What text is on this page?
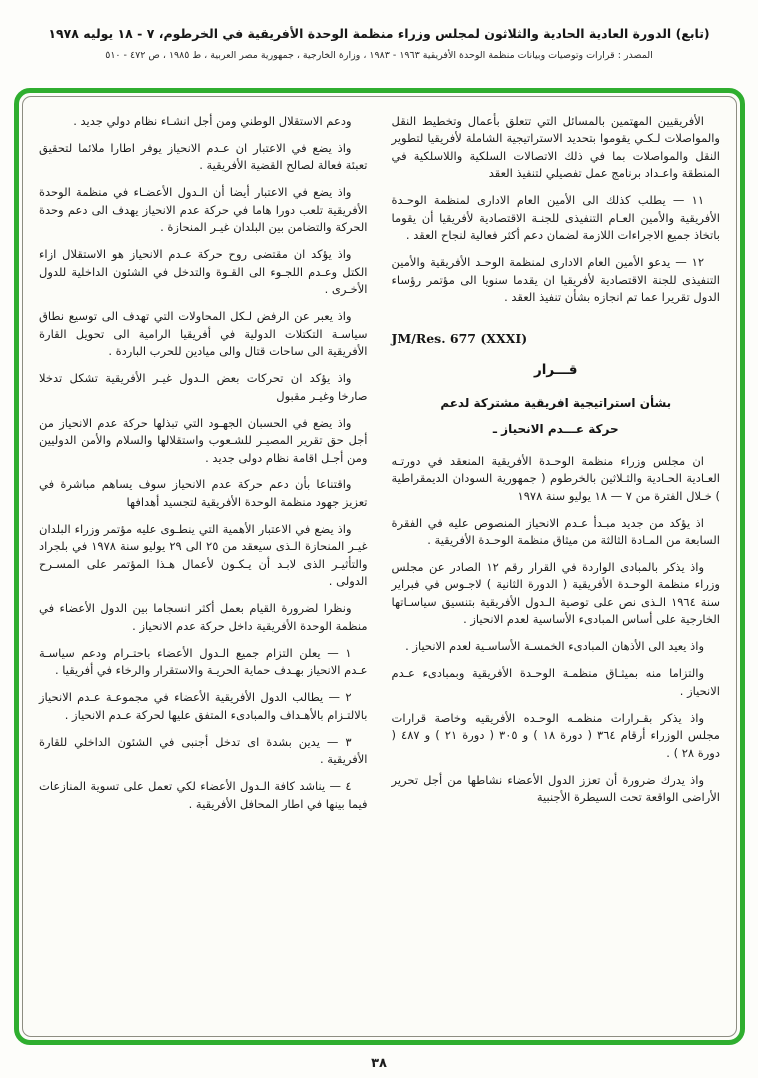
(تابع) الدورة العادية الحادية والثلاثون لمجلس وزراء منظمة الوحدة الأفريقية في الخرطوم، ٧ - ١٨ يوليه ١٩٧٨
المصدر : قرارات وتوصيات وبيانات منظمة الوحدة الأفريقية ١٩٦٣ - ١٩٨٣ ، وزارة الخارجية ، جمهورية مصر العربية ، ط ١٩٨٥ ، ص ٤٧٢ - ٥١٠

الأفريقيين المهتمين بالمسائل التي تتعلق بأعمال وتخطيط النقل والمواصلات لـكـي يقوموا بتحديد الاستراتيجية الشاملة لأفريقيا لتطوير النقل والمواصلات بما في ذلك الاتصالات السلكية واللاسلكية في المنطقة واعـداد برنامج عمل تفصيلي لتنفيذ العقد

١١ — يطلب كذلك الى الأمين العام الادارى لمنظمة الوحـدة الأفريقية والأمين العـام التنفيذى للجنـة الاقتصادية لأفريقيا أن يقوما باتخاذ جميع الاجراءات اللازمة لضمان دعم أكثر فعالية لنجاح العقد .

١٢ — يدعو الأمين العام الادارى لمنظمة الوحـد الأفريقية والأمين التنفيذى للجنة الاقتصادية لأفريقيا ان يقدما سنويا الى مؤتمر رؤساء الدول تقريرا عما تم انجازه بشأن تنفيذ العقد .

JM/Res. 677 (XXXI)
قـــرار
بشأن استراتيجية افريقية مشتركة لدعم
حركة عـــدم الانحياز ـ

ان مجلس وزراء منظمة الوحـدة الأفريقية المنعقد في دورتـه العـادية الحـادية والثـلاثين بالخرطوم ( جمهورية السودان الديمقراطية ) خـلال الفترة من ٧ — ١٨ يوليو سنة ١٩٧٨

اذ يؤكد من جديد مبـدأ عـدم الانحياز المنصوص عليه في الفقرة السابعة من المـادة الثالثة من ميثاق منظمة الوحـدة الأفريقية .

واذ يذكر بالمبادى الواردة في القرار رقم ١٢ الصادر عن مجلس وزراء منظمة الوحـدة الأفريقية ( الدورة الثانية ) لاجـوس في فبراير سنة ١٩٦٤ الـذى نص على توصية الـدول الأفريقية بتنسيق سياسـاتها الخارجية على أساس المبادىء الأساسية لعدم الانحياز .

واذ يعيد الى الأذهان المبادىء الخمسـة الأساسـية لعدم الانحياز .

والتزاما منه بميثـاق منظمـة الوحـدة الأفريقية وبمبادىء عـدم الانحياز .

واذ يذكر بقـرارات منظمـه الوحـده الأفريقيه وخاصة قرارات مجلس الوزراء أرقام ٣٦٤ ( دورة ١٨ ) و ٣٠٥ ( دورة ٢١ ) و ٤٨٧ ( دورة ٢٨ ) .

واذ يدرك ضرورة أن تعزز الدول الأعضاء نشاطها من أجل تحرير الأراضى الواقعة تحت السيطرة الأجنبية

ودعم الاستقلال الوطني ومن أجل انشـاء نظام دولي جديد .

واذ يضع في الاعتبار ان عـدم الانحياز يوفر اطارا ملائما لتحقيق تعبئة فعالة لصالح القضية الأفريقية .

واذ يضع في الاعتبار أيضا أن الـدول الأعضـاء في منظمة الوحدة الأفريقية تلعب دورا هاما في حركة عدم الانحياز يهدف الى دعم وحدة الحركة والتضامن بين البلدان غيـر المنحازة .

واذ يؤكد ان مقتضى روح حركة عـدم الانحياز هو الاستقلال ازاء الكتل وعـدم اللجـوء الى القـوة والتدخل في الشئون الداخلية للدول الأخـرى .

واذ يعبر عن الرفض لـكل المحاولات التي تهدف الى توسيع نطاق سياسـة التكتلات الدولية في أفريقيا الرامية الى تحويل القارة الأفريقية الى ساحات قتال والى ميادين للحرب الباردة .

واذ يؤكد ان تحركات بعض الـدول غيـر الأفريقية تشكل تدخلا صارخا وغيـر مقبول

واذ يضع في الحسبان الجهـود التي تبذلها حركة عدم الانحياز من أجل حق تقرير المصيـر للشـعوب واستقلالها والسلام والأمن الدوليين ومن أجـل اقامة نظام دولى جديد .

واقتناعا بأن دعم حركة عدم الانحياز سوف يساهم مباشرة في تعزيز جهود منظمة الوحدة الأفريقية لتجسيد أهدافها

واذ يضع في الاعتبار الأهمية التي ينطـوى عليه مؤتمر وزراء البلدان غيـر المنحازة الـذى سيعقد من ٢٥ الى ٢٩ يوليو سنة ١٩٧٨ في بلجراد والتأثيـر الذى لابـد أن يـكـون لأعمال هـذا المؤتمر على المسـرح الدولى .

ونظرا لضرورة القيام بعمل أكثر انسجاما بين الدول الأعضاء في منظمة الوحدة الأفريقية داخل حركة عدم الانحياز .

١ — يعلن التزام جميع الـدول الأعضاء باحتـرام ودعم سياسـة عـدم الانحياز بهـدف حماية الحريـة والاستقرار والرخاء في أفريقيا .

٢ — يطالب الدول الأفريقية الأعضاء في مجموعـة عـدم الانحياز بالالتـزام بالأهـداف والمبادىء المتفق عليها لحركة عـدم الانحياز .

٣ — يدين بشدة اى تدخل أجنبى في الشئون الداخلي للقارة الأفريقية .

٤ — يناشد كافة الـدول الأعضاء لكي تعمل على تسوية المنازعات فيما بينها في اطار المحافل الأفريقية .

٣٨
